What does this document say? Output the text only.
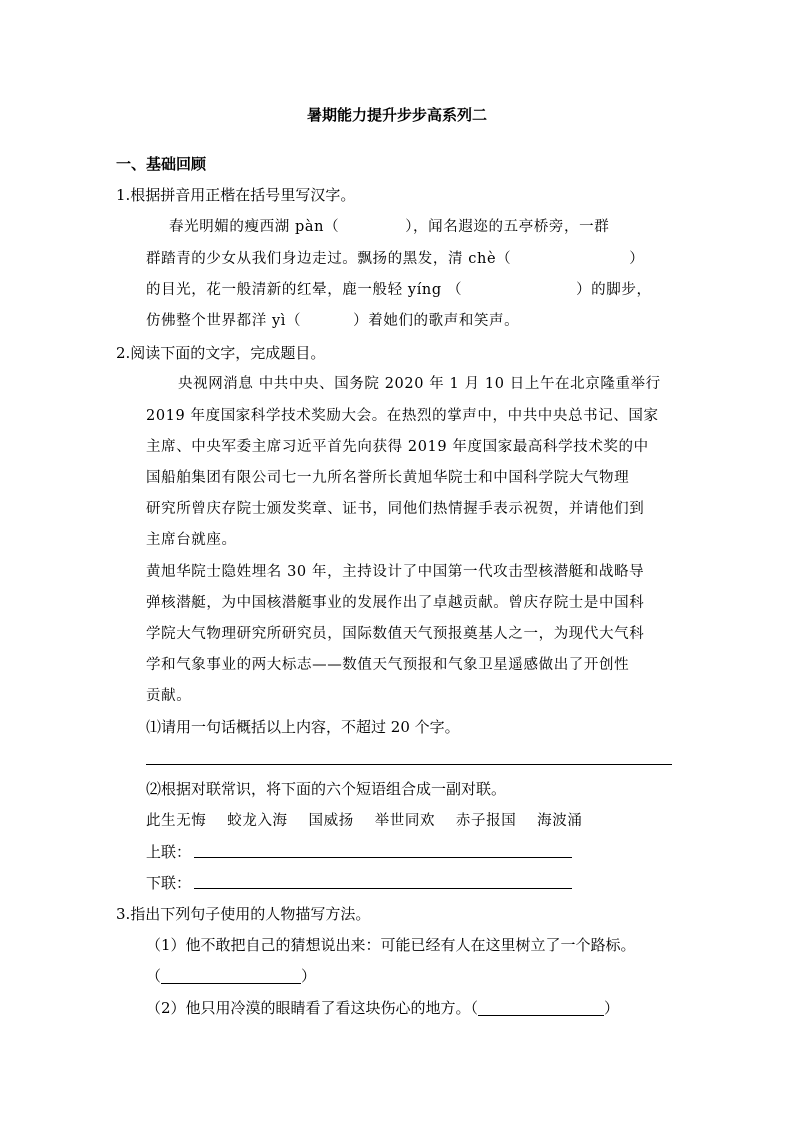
暑期能力提升步步高系列二
一、基础回顾
1.根据拼音用正楷在括号里写汉字。
春光明媚的瘦西湖 pàn（	），闻名遐迩的五亭桥旁，一群
群踏青的少女从我们身边走过。飘扬的黑发，清 chè（	）
的目光，花一般清新的红晕，鹿一般轻 yíng （	）的脚步，
仿佛整个世界都洋 yì（	）着她们的歌声和笑声。
2.阅读下面的文字，完成题目。
央视网消息 中共中央、国务院 2020 年 1 月 10 日上午在北京隆重举行
2019 年度国家科学技术奖励大会。在热烈的掌声中，中共中央总书记、国家
主席、中央军委主席习近平首先向获得 2019 年度国家最高科学技术奖的中
国船舶集团有限公司七一九所名誉所长黄旭华院士和中国科学院大气物理
研究所曾庆存院士颁发奖章、证书，同他们热情握手表示祝贺，并请他们到
主席台就座。
黄旭华院士隐姓埋名 30 年，主持设计了中国第一代攻击型核潜艇和战略导
弹核潜艇，为中国核潜艇事业的发展作出了卓越贡献。曾庆存院士是中国科
学院大气物理研究所研究员，国际数值天气预报奠基人之一，为现代大气科
学和气象事业的两大标志——数值天气预报和气象卫星遥感做出了开创性
贡献。
⑴请用一句话概括以上内容，不超过 20 个字。
⑵根据对联常识，将下面的六个短语组合成一副对联。
此生无悔 蛟龙入海 国威扬 举世同欢 赤子报国 海波涌
上联：
下联：
3.指出下列句子使用的人物描写方法。
（1）他不敢把自己的猜想说出来：可能已经有人在这里树立了一个路标。
（	）
（2）他只用冷漠的眼睛看了看这块伤心的地方。（	）
